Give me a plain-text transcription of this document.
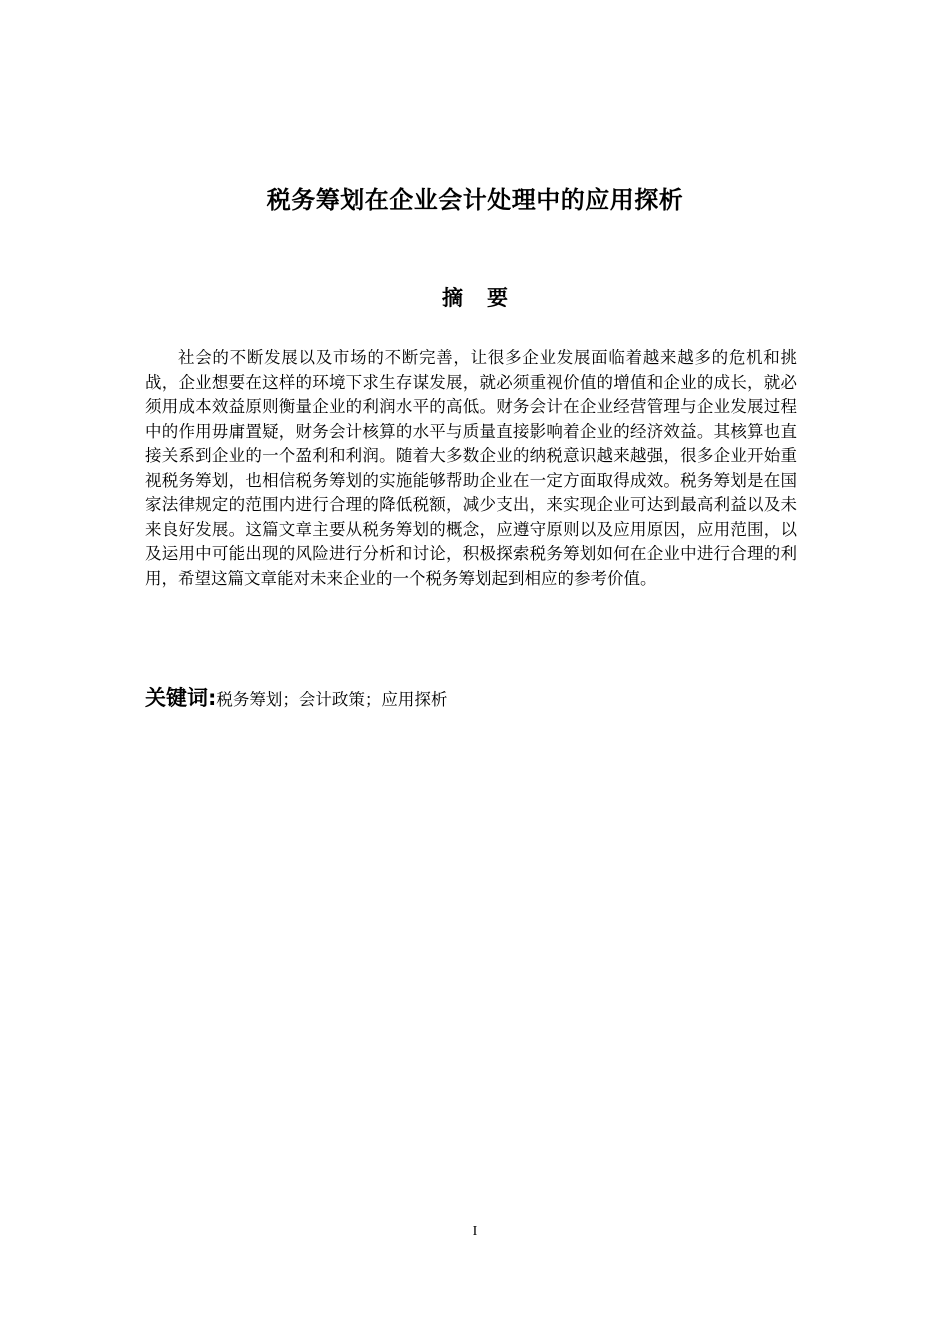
税务筹划在企业会计处理中的应用探析
摘要

社会的不断发展以及市场的不断完善，让很多企业发展面临着越来越多的危机和挑战，企业想要在这样的环境下求生存谋发展，就必须重视价值的增值和企业的成长，就必须用成本效益原则衡量企业的利润水平的高低。财务会计在企业经营管理与企业发展过程中的作用毋庸置疑，财务会计核算的水平与质量直接影响着企业的经济效益。其核算也直接关系到企业的一个盈利和利润。随着大多数企业的纳税意识越来越强，很多企业开始重视税务筹划，也相信税务筹划的实施能够帮助企业在一定方面取得成效。税务筹划是在国家法律规定的范围内进行合理的降低税额，减少支出，来实现企业可达到最高利益以及未来良好发展。这篇文章主要从税务筹划的概念，应遵守原则以及应用原因，应用范围，以及运用中可能出现的风险进行分析和讨论，积极探索税务筹划如何在企业中进行合理的利用，希望这篇文章能对未来企业的一个税务筹划起到相应的参考价值。

关键词:税务筹划；会计政策；应用探析

I
